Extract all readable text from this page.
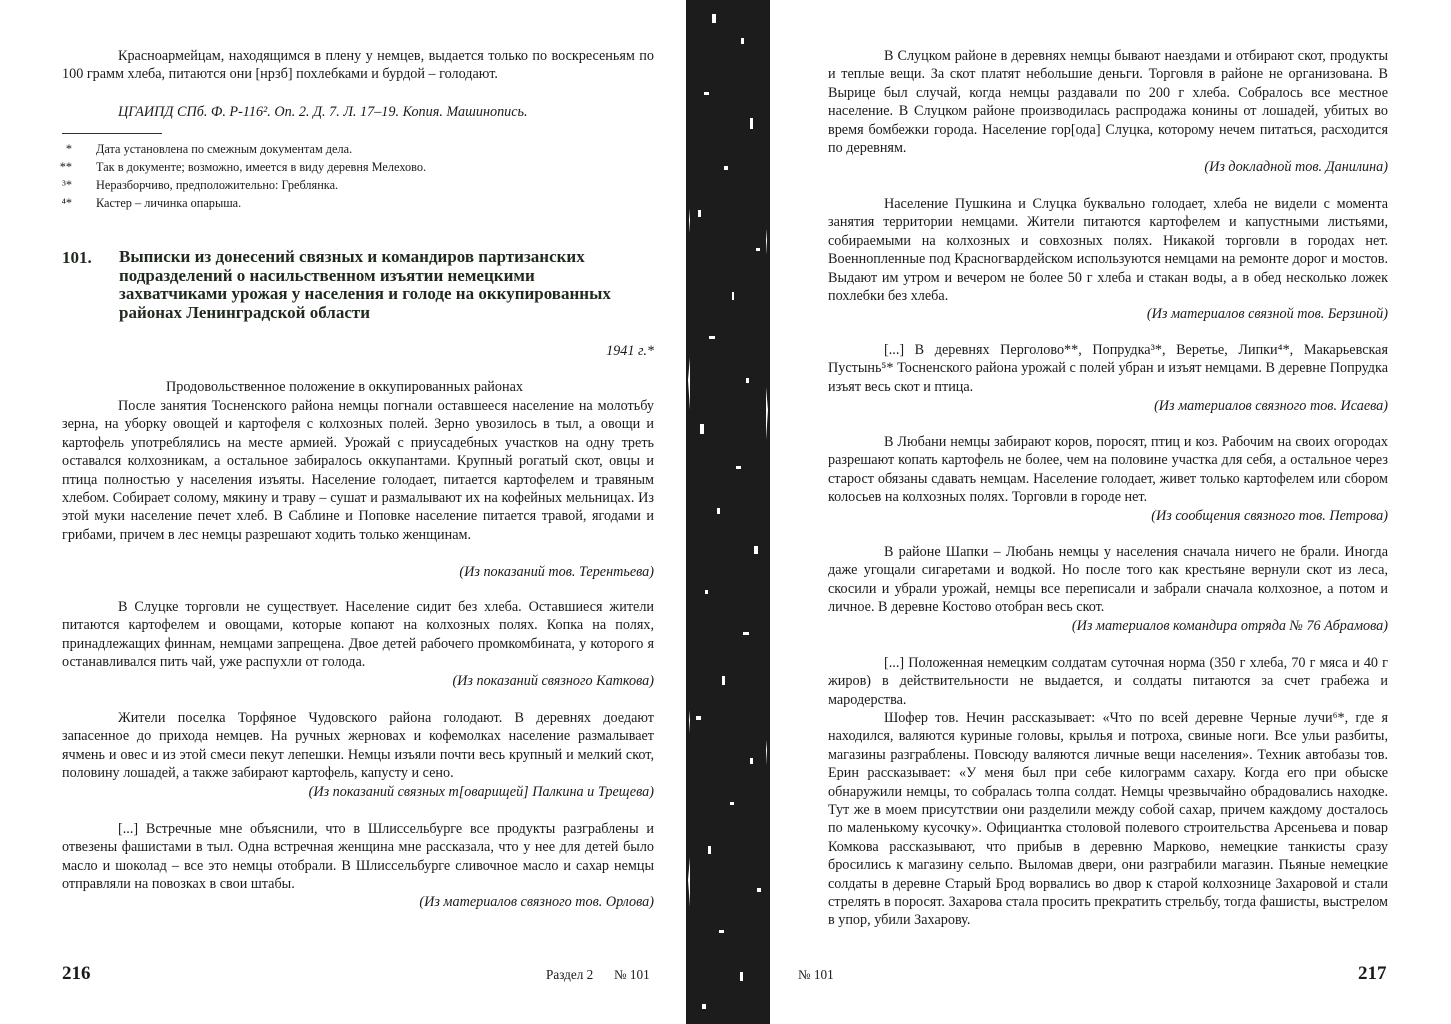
Красноармейцам, находящимся в плену у немцев, выдается только по воскресеньям по 100 грамм хлеба, питаются они [нрзб] похлебками и бурдой – голодают.

ЦГАИПД СПб. Ф. Р-116². Оп. 2. Д. 7. Л. 17–19. Копия. Машинопись.
* Дата установлена по смежным документам дела.
** Так в документе; возможно, имеется в виду деревня Мелехово.
³* Неразборчиво, предположительно: Греблянка.
⁴* Кастер – личинка опарыша.
101. Выписки из донесений связных и командиров партизанских подразделений о насильственном изъятии немецкими захватчиками урожая у населения и голоде на оккупированных районах Ленинградской области
1941 г.*
Продовольственное положение в оккупированных районах

После занятия Тосненского района немцы погнали оставшееся население на молотьбу зерна, на уборку овощей и картофеля с колхозных полей. Зерно увозилось в тыл, а овощи и картофель употреблялись на месте армией. Урожай с приусадебных участков на одну треть оставался колхозникам, а остальное забиралось оккупантами. Крупный рогатый скот, овцы и птица полностью у населения изъяты. Население голодает, питается картофелем и травяным хлебом. Собирает солому, мякину и траву – сушат и размалывают их на кофейных мельницах. Из этой муки население печет хлеб. В Саблине и Поповке население питается травой, ягодами и грибами, причем в лес немцы разрешают ходить только женщинам.

(Из показаний тов. Терентьева)

В Слуцке торговли не существует. Население сидит без хлеба. Оставшиеся жители питаются картофелем и овощами, которые копают на колхозных полях. Копка на полях, принадлежащих финнам, немцами запрещена. Двое детей рабочего промкомбината, у которого я останавливался пить чай, уже распухли от голода.

(Из показаний связного Каткова)

Жители поселка Торфяное Чудовского района голодают. В деревнях доедают запасенное до прихода немцев. На ручных жерновах и кофемолках население размалывает ячмень и овес и из этой смеси пекут лепешки. Немцы изъяли почти весь крупный и мелкий скот, половину лошадей, а также забирают картофель, капусту и сено.

(Из показаний связных т[оварищей] Палкина и Трещева)

[...] Встречные мне объяснили, что в Шлиссельбурге все продукты разграблены и отвезены фашистами в тыл. Одна встречная женщина мне рассказала, что у нее для детей было масло и шоколад – все это немцы отобрали. В Шлиссельбурге сливочное масло и сахар немцы отправляли на повозках в свои штабы.

(Из материалов связного тов. Орлова)
216	Раздел 2 № 101

В Слуцком районе в деревнях немцы бывают наездами и отбирают скот, продукты и теплые вещи. За скот платят небольшие деньги. Торговля в районе не организована. В Вырице был случай, когда немцы раздавали по 200 г хлеба. Собралось все местное население. В Слуцком районе производилась распродажа конины от лошадей, убитых во время бомбежки города. Население гор[ода] Слуцка, которому нечем питаться, расходится по деревням.

(Из докладной тов. Данилина)

Население Пушкина и Слуцка буквально голодает, хлеба не видели с момента занятия территории немцами. Жители питаются картофелем и капустными листьями, собираемыми на колхозных и совхозных полях. Никакой торговли в городах нет. Военнопленные под Красногвардейском используются немцами на ремонте дорог и мостов. Выдают им утром и вечером не более 50 г хлеба и стакан воды, а в обед несколько ложек похлебки без хлеба.

(Из материалов связной тов. Берзиной)

[...] В деревнях Перголово**, Попрудка³*, Веретье, Липки⁴*, Макарьевская Пустынь⁵* Тосненского района урожай с полей убран и изъят немцами. В деревне Попрудка изъят весь скот и птица.

(Из материалов связного тов. Исаева)

В Любани немцы забирают коров, поросят, птиц и коз. Рабочим на своих огородах разрешают копать картофель не более, чем на половине участка для себя, а остальное через старост обязаны сдавать немцам. Население голодает, живет только картофелем или сбором колосьев на колхозных полях. Торговли в городе нет.

(Из сообщения связного тов. Петрова)

В районе Шапки – Любань немцы у населения сначала ничего не брали. Иногда даже угощали сигаретами и водкой. Но после того как крестьяне вернули скот из леса, скосили и убрали урожай, немцы все переписали и забрали сначала колхозное, а потом и личное. В деревне Костово отобран весь скот.

(Из материалов командира отряда № 76 Абрамова)

[...] Положенная немецким солдатам суточная норма (350 г хлеба, 70 г мяса и 40 г жиров) в действительности не выдается, и солдаты питаются за счет грабежа и мародерства.

Шофер тов. Нечин рассказывает: «Что по всей деревне Черные лучи⁶*, где я находился, валяются куриные головы, крылья и потроха, свиные ноги. Все ульи разбиты, магазины разграблены. Повсюду валяются личные вещи населения». Техник автобазы тов. Ерин рассказывает: «У меня был при себе килограмм сахару. Когда его при обыске обнаружили немцы, то собралась толпа солдат. Немцы чрезвычайно обрадовались находке. Тут же в моем присутствии они разделили между собой сахар, причем каждому досталось по маленькому кусочку». Официантка столовой полевого строительства Арсеньева и повар Комкова рассказывают, что прибыв в деревню Марково, немецкие танкисты сразу бросились к магазину сельпо. Выломав двери, они разграбили магазин. Пьяные немецкие солдаты в деревне Старый Брод ворвались во двор к старой колхознице Захаровой и стали стрелять в поросят. Захарова стала просить прекратить стрельбу, тогда фашисты, выстрелом в упор, убили Захарову.

№ 101	217
